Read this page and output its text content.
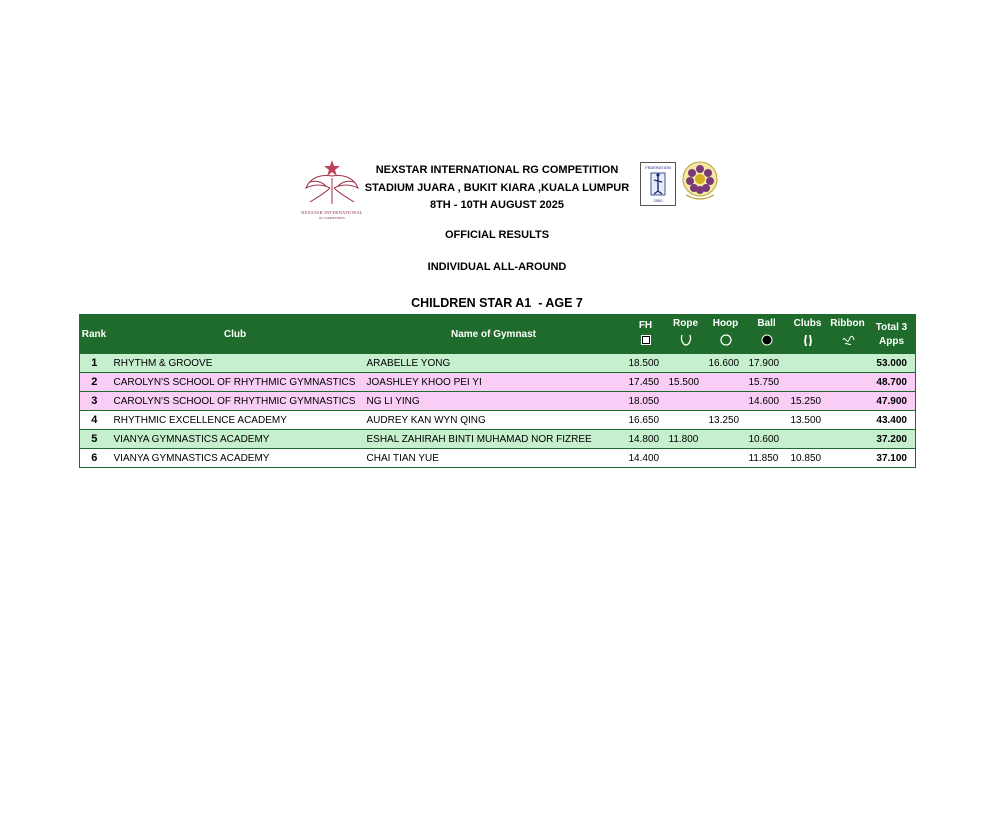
NEXSTAR INTERNATIONAL
RG COMPETITION
NEXSTAR INTERNATIONAL RG COMPETITION
STADIUM JUARA , BUKIT KIARA ,KUALA LUMPUR
8TH - 10TH AUGUST 2025
FEDERATION
2000
OFFICIAL RESULTS
INDIVIDUAL ALL-AROUND
CHILDREN STAR A1  - AGE 7
Rank	Club	Name of Gymnast	FH	Rope	Hoop	Ball	Clubs	Ribbon	Total 3
Apps

1	RHYTHM & GROOVE	ARABELLE YONG	18.500		16.600	17.900			53.000
2	CAROLYN'S SCHOOL OF RHYTHMIC GYMNASTICS	JOASHLEY KHOO PEI YI	17.450	15.500		15.750			48.700
3	CAROLYN'S SCHOOL OF RHYTHMIC GYMNASTICS	NG LI YING	18.050			14.600	15.250		47.900
4	RHYTHMIC EXCELLENCE ACADEMY	AUDREY KAN WYN QING	16.650		13.250		13.500		43.400
5	VIANYA GYMNASTICS ACADEMY	ESHAL ZAHIRAH BINTI MUHAMAD NOR FIZREE	14.800	11.800		10.600			37.200
6	VIANYA GYMNASTICS ACADEMY	CHAI TIAN YUE	14.400			11.850	10.850		37.100
